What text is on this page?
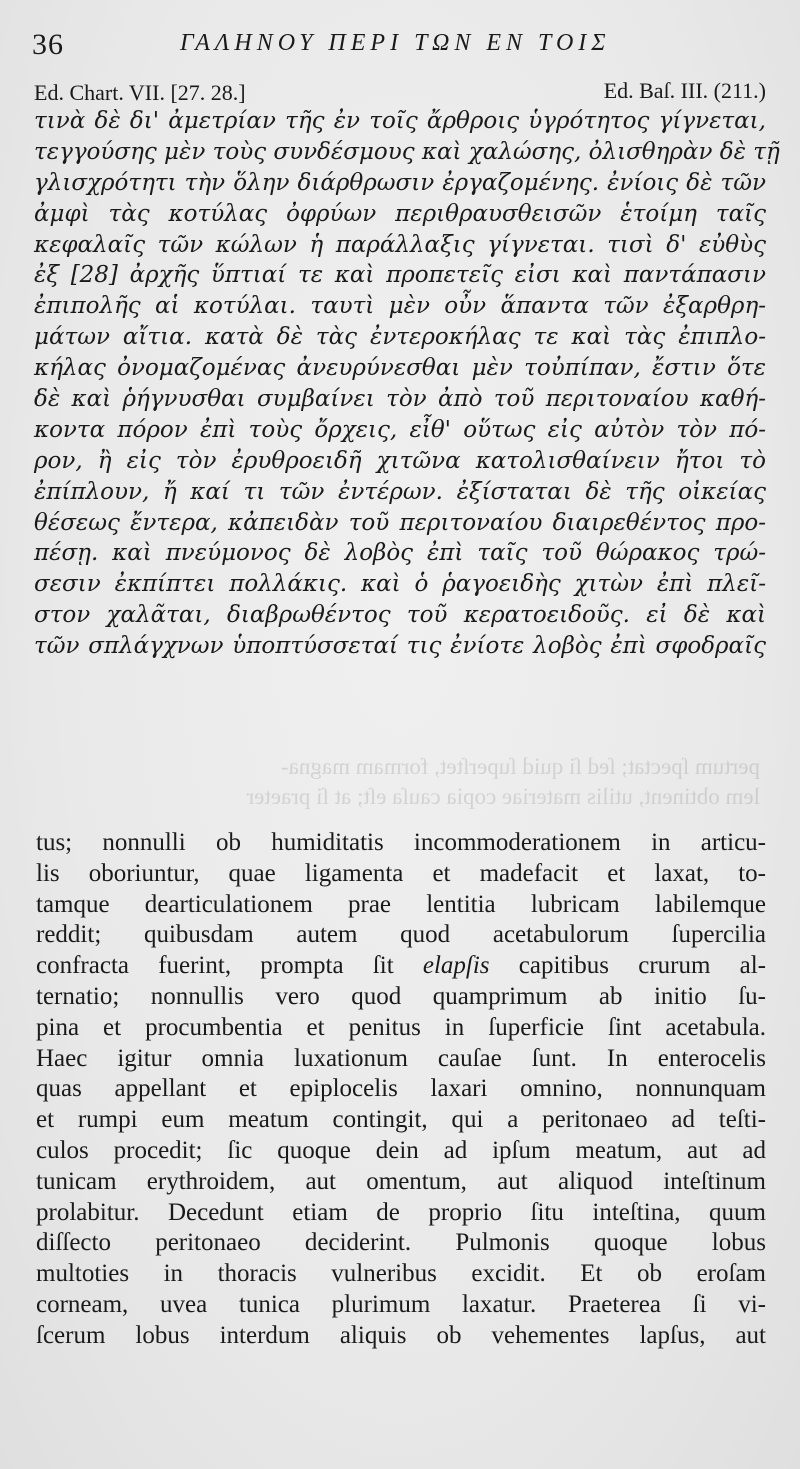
36	ΓΑΛΗΝΟΥ ΠΕΡΙ ΤΩΝ ΕΝ ΤΟΙΣ
Ed. Chart. VII. [27. 28.]	Ed. Baſ. III. (211.)
τινὰ δὲ δι' ἀμετρίαν τῆς ἐν τοῖς ἄρθροις ὑγρότητος γίγνεται,
τεγγούσης μὲν τοὺς συνδέσμους καὶ χαλώσης, ὀλισθηρὰν δὲ τῇ
γλισχρότητι τὴν ὅλην διάρθρωσιν ἐργαζομένης. ἐνίοις δὲ τῶν
ἀμφὶ τὰς κοτύλας ὀφρύων περιθραυσθεισῶν ἑτοίμη ταῖς
κεφαλαῖς τῶν κώλων ἡ παράλλαξις γίγνεται. τισὶ δ' εὐθὺς
ἐξ [28] ἀρχῆς ὕπτιαί τε καὶ προπετεῖς εἰσι καὶ παντάπασιν
ἐπιπολῆς αἱ κοτύλαι. ταυτὶ μὲν οὖν ἅπαντα τῶν ἐξαρθρη-
μάτων αἴτια. κατὰ δὲ τὰς ἐντεροκήλας τε καὶ τὰς ἐπιπλο-
κήλας ὀνομαζομένας ἀνευρύνεσθαι μὲν τοὐπίπαν, ἔστιν ὅτε
δὲ καὶ ῥήγνυσθαι συμβαίνει τὸν ἀπὸ τοῦ περιτοναίου καθή-
κοντα πόρον ἐπὶ τοὺς ὄρχεις, εἶθ' οὕτως εἰς αὐτὸν τὸν πό-
ρον, ἢ εἰς τὸν ἐρυθροειδῆ χιτῶνα κατολισθαίνειν ἤτοι τὸ
ἐπίπλουν, ἤ καί τι τῶν ἐντέρων. ἐξίσταται δὲ τῆς οἰκείας
θέσεως ἔντερα, κἀπειδὰν τοῦ περιτοναίου διαιρεθέντος προ-
πέσῃ. καὶ πνεύμονος δὲ λοβὸς ἐπὶ ταῖς τοῦ θώρακος τρώ-
σεσιν ἐκπίπτει πολλάκις. καὶ ὁ ῥαγοειδὴς χιτὼν ἐπὶ πλεῖ-
στον χαλᾶται, διαβρωθέντος τοῦ κερατοειδοῦς. εἰ δὲ καὶ
τῶν σπλάγχνων ὑποπτύσσεταί τις ἐνίοτε λοβὸς ἐπὶ σφοδραῖς
pertum ſpectat; ſed ſi quid ſuperſtet, formam magna-
lem obtinent, utilis materiae copia cauſa eſt; at ſi praeter
tus; nonnulli ob humiditatis incommoderationem in articu-
lis oboriuntur, quae ligamenta et madefacit et laxat, to-
tamque dearticulationem prae lentitia lubricam labilemque
reddit; quibusdam autem quod acetabulorum ſupercilia
confracta fuerint, prompta ſit elapſis capitibus crurum al-
ternatio; nonnullis vero quod quamprimum ab initio ſu-
pina et procumbentia et penitus in ſuperficie ſint acetabula.
Haec igitur omnia luxationum cauſae ſunt. In enterocelis
quas appellant et epiplocelis laxari omnino, nonnunquam
et rumpi eum meatum contingit, qui a peritonaeo ad teſti-
culos procedit; ſic quoque dein ad ipſum meatum, aut ad
tunicam erythroidem, aut omentum, aut aliquod inteſtinum
prolabitur. Decedunt etiam de proprio ſitu inteſtina, quum
diſſecto peritonaeo deciderint. Pulmonis quoque lobus
multoties in thoracis vulneribus excidit. Et ob eroſam
corneam, uvea tunica plurimum laxatur. Praeterea ſi vi-
ſcerum lobus interdum aliquis ob vehementes lapſus, aut
